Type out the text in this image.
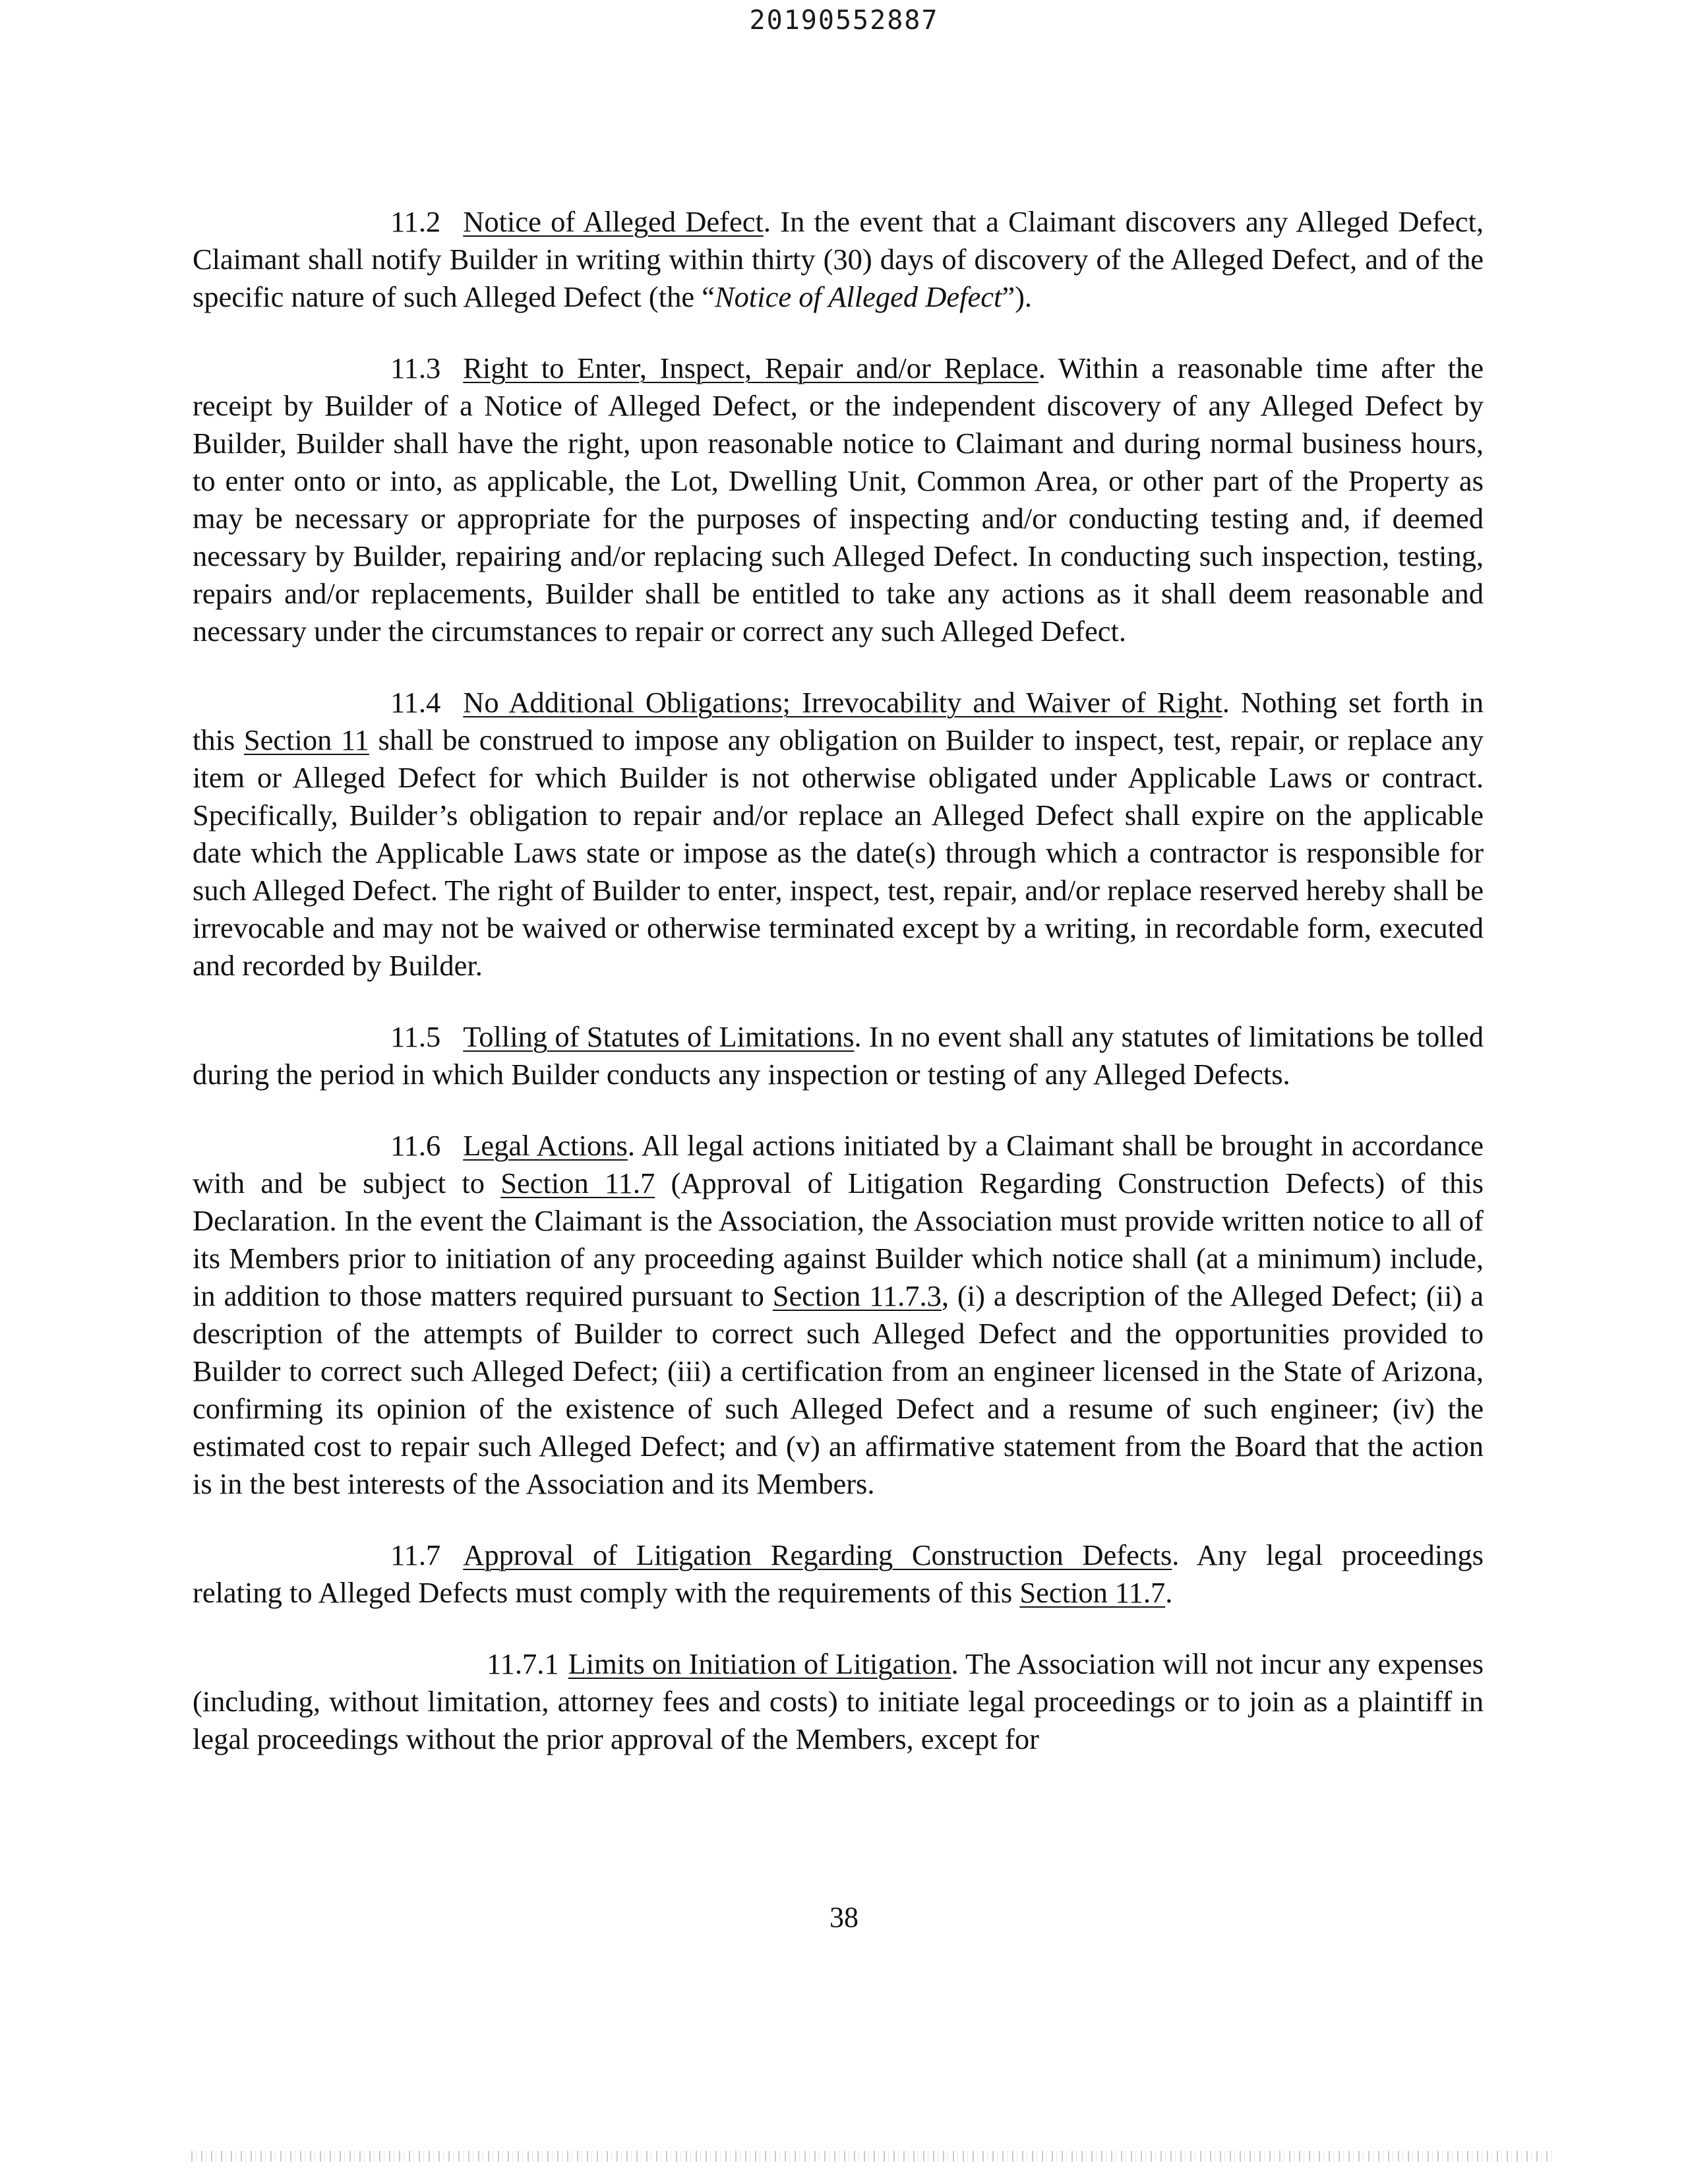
20190552887

11.2 Notice of Alleged Defect. In the event that a Claimant discovers any Alleged Defect, Claimant shall notify Builder in writing within thirty (30) days of discovery of the Alleged Defect, and of the specific nature of such Alleged Defect (the “Notice of Alleged Defect”).

11.3 Right to Enter, Inspect, Repair and/or Replace. Within a reasonable time after the receipt by Builder of a Notice of Alleged Defect, or the independent discovery of any Alleged Defect by Builder, Builder shall have the right, upon reasonable notice to Claimant and during normal business hours, to enter onto or into, as applicable, the Lot, Dwelling Unit, Common Area, or other part of the Property as may be necessary or appropriate for the purposes of inspecting and/or conducting testing and, if deemed necessary by Builder, repairing and/or replacing such Alleged Defect. In conducting such inspection, testing, repairs and/or replacements, Builder shall be entitled to take any actions as it shall deem reasonable and necessary under the circumstances to repair or correct any such Alleged Defect.

11.4 No Additional Obligations; Irrevocability and Waiver of Right. Nothing set forth in this Section 11 shall be construed to impose any obligation on Builder to inspect, test, repair, or replace any item or Alleged Defect for which Builder is not otherwise obligated under Applicable Laws or contract. Specifically, Builder’s obligation to repair and/or replace an Alleged Defect shall expire on the applicable date which the Applicable Laws state or impose as the date(s) through which a contractor is responsible for such Alleged Defect. The right of Builder to enter, inspect, test, repair, and/or replace reserved hereby shall be irrevocable and may not be waived or otherwise terminated except by a writing, in recordable form, executed and recorded by Builder.

11.5 Tolling of Statutes of Limitations. In no event shall any statutes of limitations be tolled during the period in which Builder conducts any inspection or testing of any Alleged Defects.

11.6 Legal Actions. All legal actions initiated by a Claimant shall be brought in accordance with and be subject to Section 11.7 (Approval of Litigation Regarding Construction Defects) of this Declaration. In the event the Claimant is the Association, the Association must provide written notice to all of its Members prior to initiation of any proceeding against Builder which notice shall (at a minimum) include, in addition to those matters required pursuant to Section 11.7.3, (i) a description of the Alleged Defect; (ii) a description of the attempts of Builder to correct such Alleged Defect and the opportunities provided to Builder to correct such Alleged Defect; (iii) a certification from an engineer licensed in the State of Arizona, confirming its opinion of the existence of such Alleged Defect and a resume of such engineer; (iv) the estimated cost to repair such Alleged Defect; and (v) an affirmative statement from the Board that the action is in the best interests of the Association and its Members.

11.7 Approval of Litigation Regarding Construction Defects. Any legal proceedings relating to Alleged Defects must comply with the requirements of this Section 11.7.

11.7.1 Limits on Initiation of Litigation. The Association will not incur any expenses (including, without limitation, attorney fees and costs) to initiate legal proceedings or to join as a plaintiff in legal proceedings without the prior approval of the Members, except for

38
